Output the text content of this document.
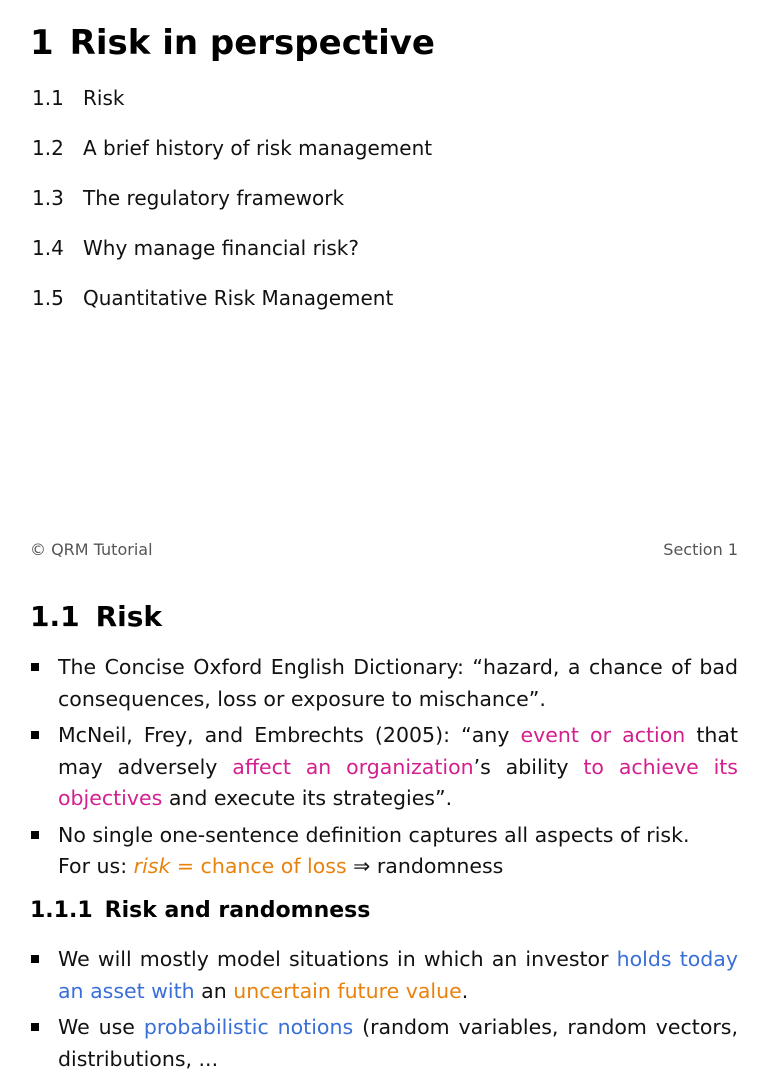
1 Risk in perspective
1.1 Risk
1.2 A brief history of risk management
1.3 The regulatory framework
1.4 Why manage financial risk?
1.5 Quantitative Risk Management
© QRM Tutorial	Section 1
1.1 Risk
The Concise Oxford English Dictionary: “hazard, a chance of bad consequences, loss or exposure to mischance”.
McNeil, Frey, and Embrechts (2005): “any event or action that may adversely affect an organization’s ability to achieve its objectives and execute its strategies”.
No single one-sentence definition captures all aspects of risk.
For us: risk = chance of loss ⇒ randomness
1.1.1 Risk and randomness
We will mostly model situations in which an investor holds today an asset with an uncertain future value.
We use probabilistic notions (random variables, random vectors, distributions, ...
